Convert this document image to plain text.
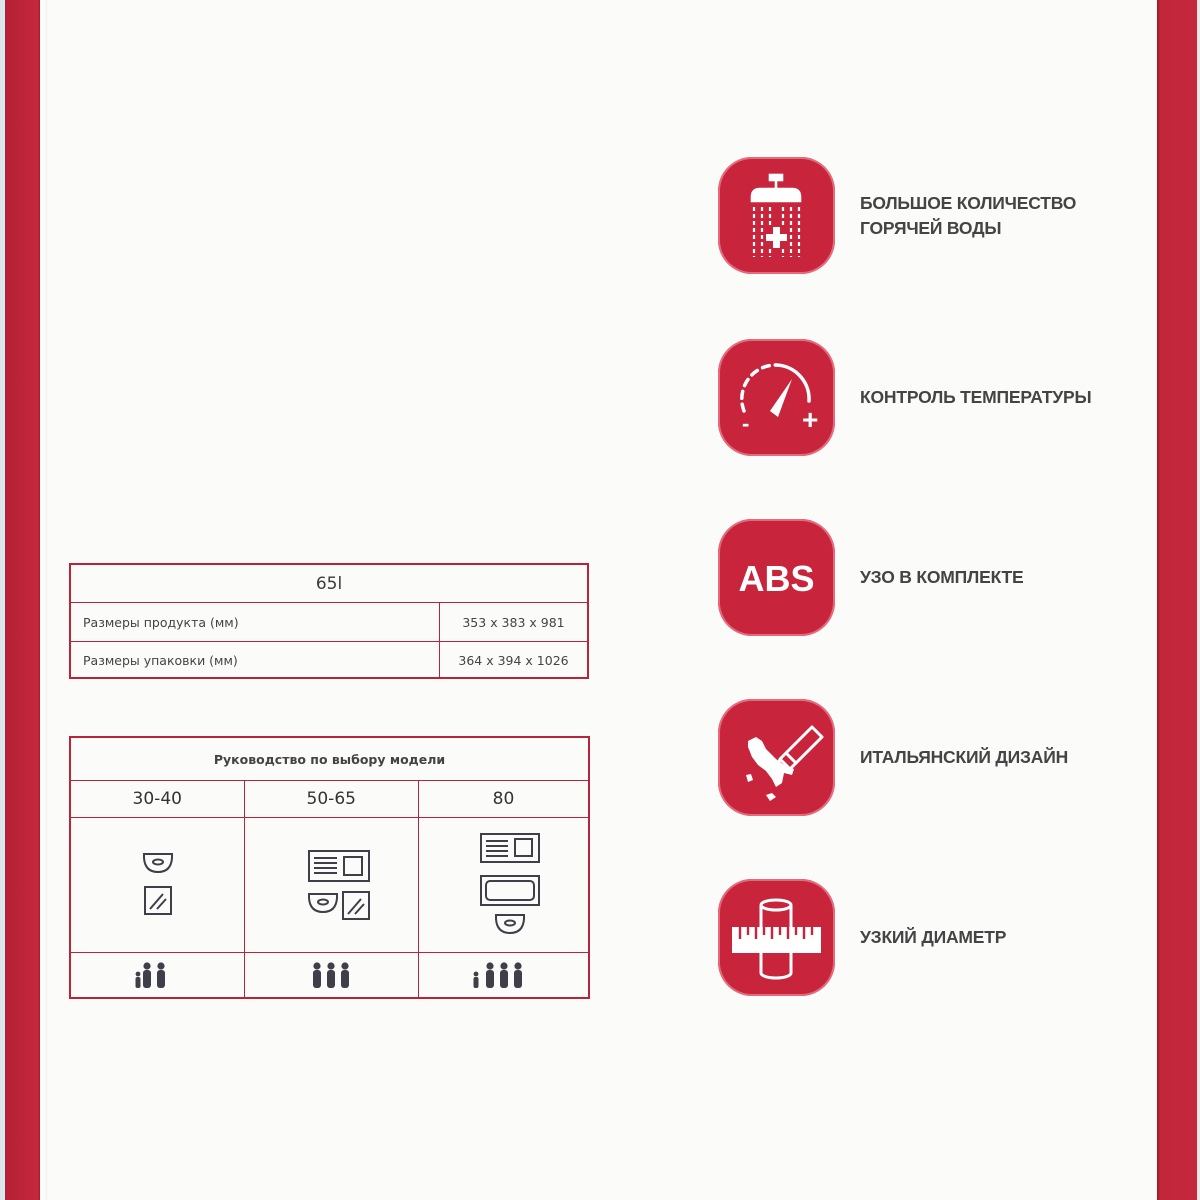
65l
Размеры продукта (мм)	353 x 383 x 981
Размеры упаковки (мм)	364 x 394 x 1026
Руководство по выбору модели
30-40	50-65	80
БОЛЬШОЕ КОЛИЧЕСТВО
ГОРЯЧЕЙ ВОДЫ
- +
КОНТРОЛЬ ТЕМПЕРАТУРЫ
ABS	УЗО В КОМПЛЕКТЕ
ИТАЛЬЯНСКИЙ ДИЗАЙН
УЗКИЙ ДИАМЕТР
